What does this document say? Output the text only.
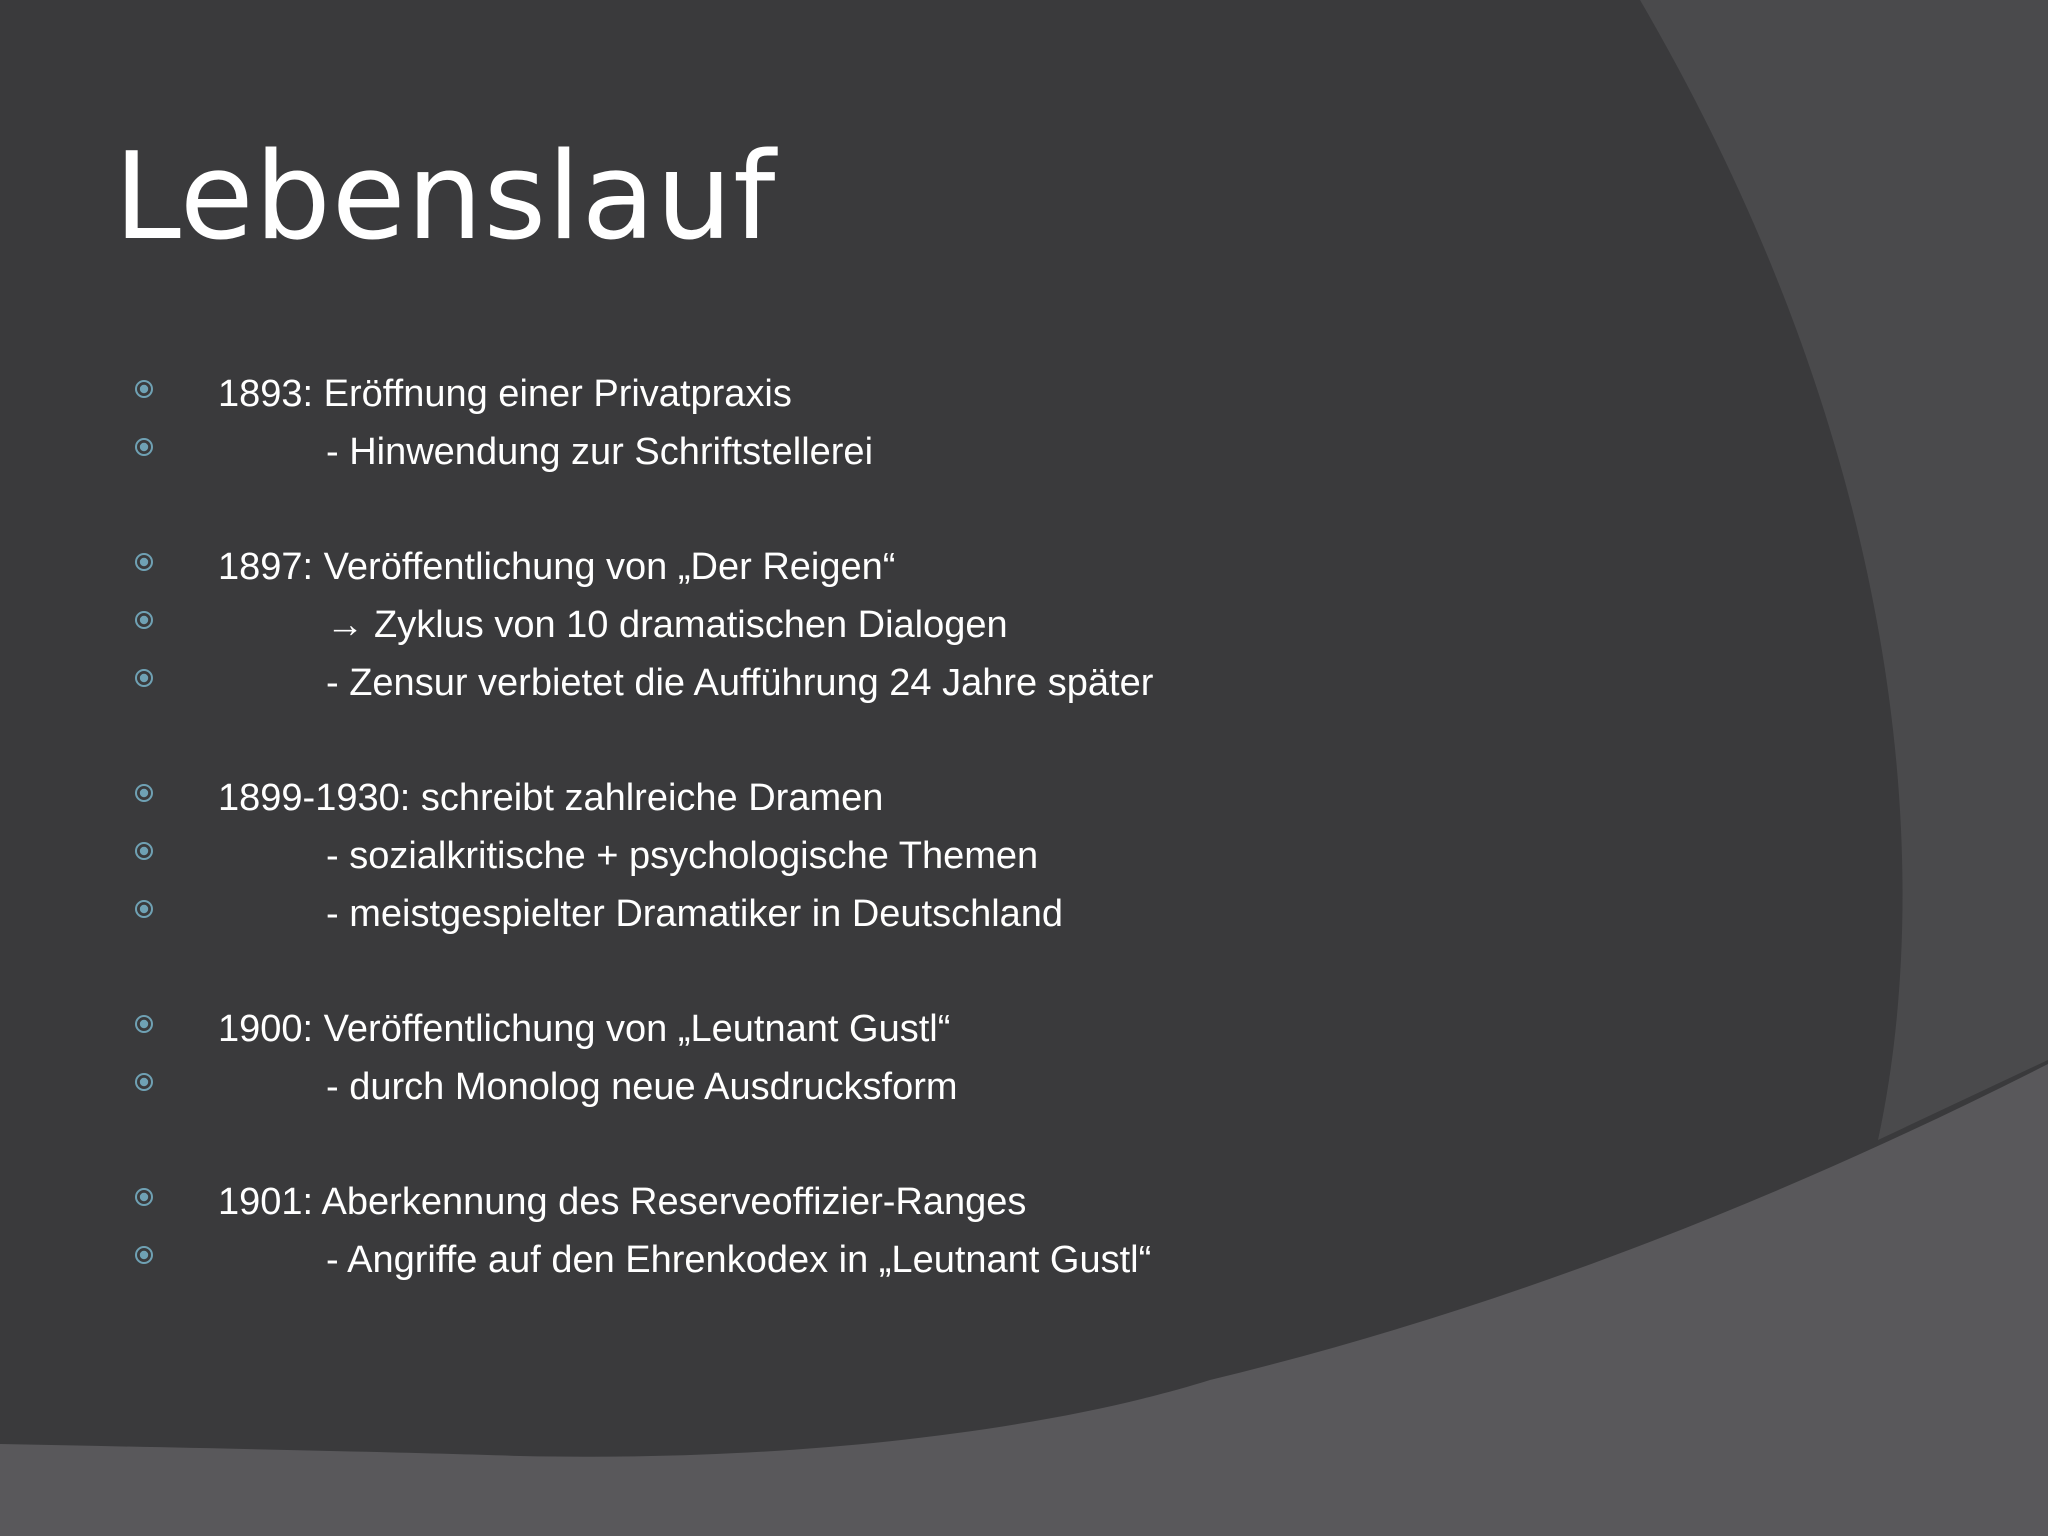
Lebenslauf
1893: Eröffnung einer Privatpraxis
- Hinwendung zur Schriftstellerei
1897: Veröffentlichung von „Der Reigen“
→ Zyklus von 10 dramatischen Dialogen
- Zensur verbietet die Aufführung 24 Jahre später
1899-1930: schreibt zahlreiche Dramen
- sozialkritische + psychologische Themen
- meistgespielter Dramatiker in Deutschland
1900: Veröffentlichung von „Leutnant Gustl“
- durch Monolog neue Ausdrucksform
1901: Aberkennung des Reserveoffizier-Ranges
- Angriffe auf den Ehrenkodex in „Leutnant Gustl“
